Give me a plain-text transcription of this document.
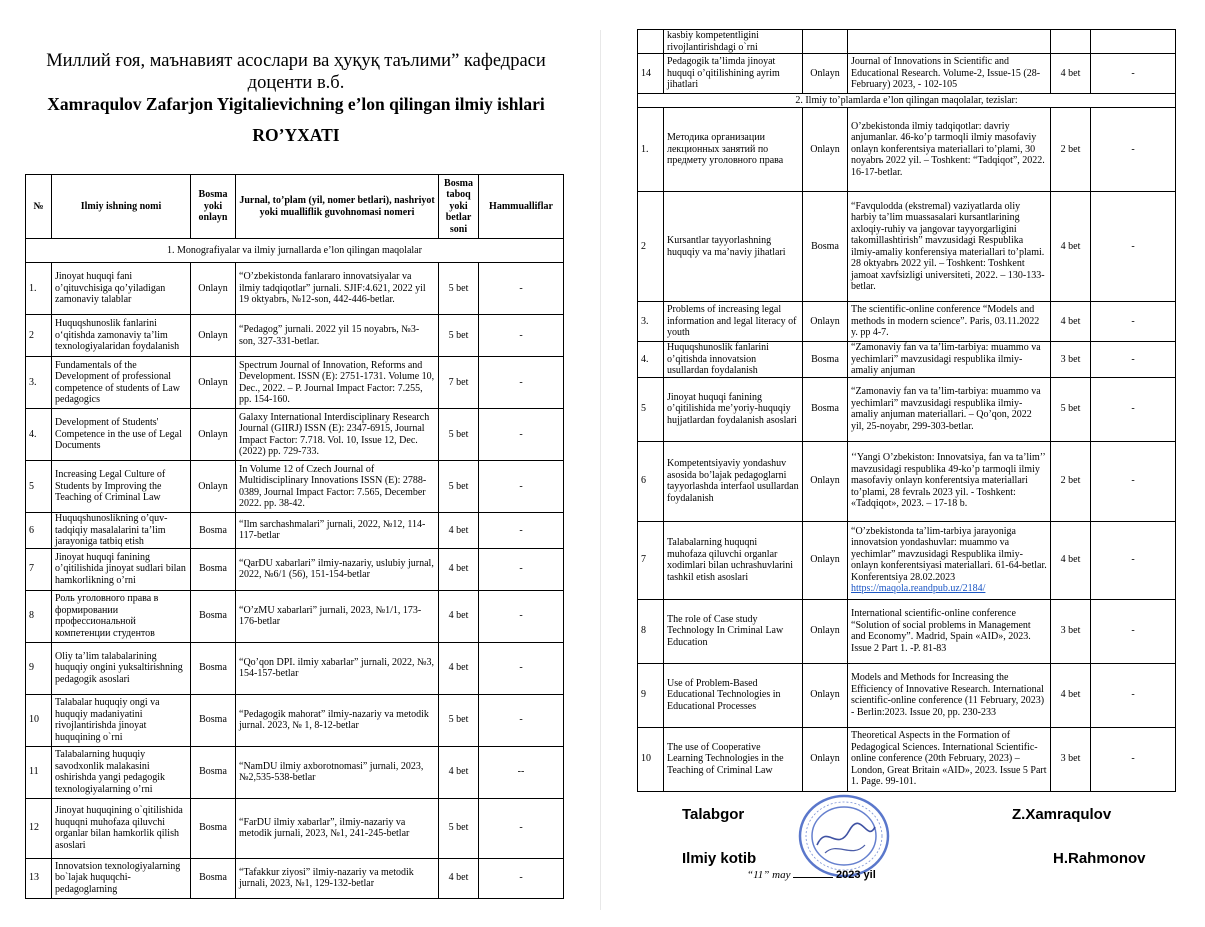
Миллий ғоя, маънавият асослари ва ҳуқуқ таълими” кафедраси
доценти в.б.
Xamraqulov Zafarjon Yigitalievichning e’lon qilingan ilmiy ishlari
RO’YXATI
№	Ilmiy ishning nomi	Bosma yoki onlayn	Jurnal, to’plam (yil, nomer betlari), nashriyot yoki mualliflik guvohnomasi nomeri	Bosma taboq yoki betlar soni	Hammualliflar
1. Monografiyalar va ilmiy jurnallarda e’lon qilingan maqolalar					
1.	Jinoyat huquqi fani o’qituvchisiga qo’yiladigan zamonaviy talablar	Onlayn	“O’zbekistonda fanlararo innovatsiyalar va ilmiy tadqiqotlar” jurnali. SJIF:4.621, 2022 yil 19 oktyabrь, №12-son, 442-446-betlar.	5 bet	-
2	Huquqshunoslik fanlarini o‘qitishda zamonaviy ta’lim texnologiyalaridan foydalanish	Onlayn	“Pedagog” jurnali. 2022 yil 15 noyabrь, №3-son, 327-331-betlar.	5 bet	-
3.	Fundamentals of the Development of professional competence of students of Law pedagogics	Onlayn	Spectrum Journal of Innovation, Reforms and Development. ISSN (E): 2751-1731. Volume 10, Dec., 2022. – P. Journal Impact Factor: 7.255, pp. 154-160.	7 bet	-
4.	Development of Students' Competence in the use of Legal Documents	Onlayn	Galaxy International Interdisciplinary Research Journal (GIIRJ) ISSN (E): 2347-6915, Journal Impact Factor: 7.718. Vol. 10, Issue 12, Dec. (2022) pp. 729-733.	5 bet	-
5	Increasing Legal Culture of Students by Improving the Teaching of Criminal Law	Onlayn	In Volume 12 of Czech Journal of Multidisciplinary Innovations ISSN (E): 2788-0389, Journal Impact Factor: 7.565, December 2022. pp. 38-42.	5 bet	-
6	Huquqshunoslikning o’quv-tadqiqiy masalalarini ta’lim jarayoniga tatbiq etish	Bosma	“Ilm sarchashmalari” jurnali, 2022, №12, 114-117-betlar	4 bet	-
7	Jinoyat huquqi fanining o’qitilishida jinoyat sudlari bilan hamkorlikning o’rni	Bosma	“QarDU xabarlari” ilmiy-nazariy, uslubiy jurnal, 2022, №6/1 (56), 151-154-betlar	4 bet	-
8	Роль уголовного права в формировании профессиональной компетенции студентов	Bosma	“O’zMU xabarlari” jurnali, 2023, №1/1, 173-176-betlar	4 bet	-
9	Oliy ta’lim talabalarining huquqiy ongini yuksaltirishning pedagogik asoslari	Bosma	“Qo’qon DPI. ilmiy xabarlar” jurnali, 2022, №3, 154-157-betlar	4 bet	-
10	Talabalar huquqiy ongi va huquqiy madaniyatini rivojlantirishda jinoyat huquqining o`rni	Bosma	“Pedagogik mahorat” ilmiy-nazariy va metodik jurnal. 2023, № 1, 8-12-betlar	5 bet	-
11	Talabalarning huquqiy savodxonlik malakasini oshirishda yangi pedagogik texnologiyalarning o’rni	Bosma	“NamDU ilmiy axborotnomasi” jurnali, 2023, №2,535-538-betlar	4 bet	--
12	Jinoyat huquqining o`qitilishida huquqni muhofaza qiluvchi organlar bilan hamkorlik qilish asoslari	Bosma	“FarDU ilmiy xabarlar”, ilmiy-nazariy va metodik jurnali, 2023, №1, 241-245-betlar	5 bet	-
13	Innovatsion texnologiyalarning bo`lajak huquqchi-pedagoglarning	Bosma	“Tafakkur ziyosi” ilmiy-nazariy va metodik jurnali, 2023, №1, 129-132-betlar	4 bet	-
	kasbiy kompetentligini rivojlantirishdagi o`rni				
14	Pedagogik ta’limda jinoyat huquqi o’qitilishining ayrim jihatlari	Onlayn	Journal of Innovations in Scientific and Educational Research. Volume-2, Issue-15 (28-February) 2023, - 102-105	4 bet	-
2. Ilmiy to’plamlarda e’lon qilingan maqolalar, tezislar:					
1.	Методика организации лекционных занятий по предмету уголовного права	Onlayn	O’zbekistonda ilmiy tadqiqotlar: davriy anjumanlar. 46-ko’p tarmoqli ilmiy masofaviy onlayn konferentsiya materiallari to’plami, 30 noyabrь 2022 yil. – Toshkent: “Tadqiqot”, 2022. 16-17-betlar.	2 bet	-
2	Kursantlar tayyorlashning huquqiy va ma’naviy jihatlari	Bosma	“Favqulodda (ekstremal) vaziyatlarda oliy harbiy ta’lim muassasalari kursantlarining axloqiy-ruhiy va jangovar tayyorgarligini takomillashtirish” mavzusidagi Respublika ilmiy-amaliy konferensiya materiallari to’plami. 28 oktyabrь 2022 yil. – Toshkent: Toshkent jamoat xavfsizligi universiteti, 2022. – 130-133-betlar.	4 bet	-
3.	Problems of increasing legal information and legal literacy of youth	Onlayn	The scientific-online conference “Models and methods in modern science”. Paris, 03.11.2022 y. pp 4-7.	4 bet	-
4.	Huquqshunoslik fanlarini o’qitishda innovatsion usullardan foydalanish	Bosma	“Zamonaviy fan va ta’lim-tarbiya: muammo va yechimlari” mavzusidagi respublika ilmiy-amaliy anjuman	3 bet	-
5	Jinoyat huquqi fanining o’qitilishida me’yoriy-huquqiy hujjatlardan foydalanish asoslari	Bosma	“Zamonaviy fan va ta’lim-tarbiya: muammo va yechimlari” mavzusidagi respublika ilmiy-amaliy anjuman materiallari. – Qo’qon, 2022 yil, 25-noyabr, 299-303-betlar.	5 bet	-
6	Kompetentsiyaviy yondashuv asosida bo’lajak pedagoglarni tayyorlashda interfaol usullardan foydalanish	Onlayn	‘‘Yangi O’zbekiston: Innovatsiya, fan va ta’lim’’ mavzusidagi respublika 49-ko’p tarmoqli ilmiy masofaviy onlayn konferentsiya materiallari to’plami, 28 fevralь 2023 yil. - Toshkent: «Tadqiqot», 2023. – 17-18 b.	2 bet	-
7	Talabalarning huquqni muhofaza qiluvchi organlar xodimlari bilan uchrashuvlarini tashkil etish asoslari	Onlayn	“O’zbekistonda ta’lim-tarbiya jarayoniga innovatsion yondashuvlar: muammo va yechimlar” mavzusidagi Respublika ilmiy-onlayn konferentsiyasi materiallari. 61-64-betlar. Konferentsiya 28.02.2023 https://maqola.reandpub.uz/2184/	4 bet	-
8	The role of Case study Technology In Criminal Law Education	Onlayn	International scientific-online conference “Solution of social problems in Management and Economy”. Madrid, Spain «AID», 2023. Issue 2 Part 1. -P. 81-83	3 bet	-
9	Use of Problem-Based Educational Technologies in Educational Processes	Onlayn	Models and Methods for Increasing the Efficiency of Innovative Research. International scientific-online conference (11 February, 2023) - Berlin:2023. Issue 20, pp. 230-233	4 bet	-
10	The use of Cooperative Learning Technologies in the Teaching of Criminal Law	Onlayn	Theoretical Aspects in the Formation of Pedagogical Sciences. International Scientific-online conference (20th February, 2023) – London, Great Britain «AID», 2023. Issue 5 Part 1. Page. 99-101.	3 bet	-
Talabgor	Z.Xamraqulov
Ilmiy kotib	H.Rahmonov
“11” may	2023 yil
